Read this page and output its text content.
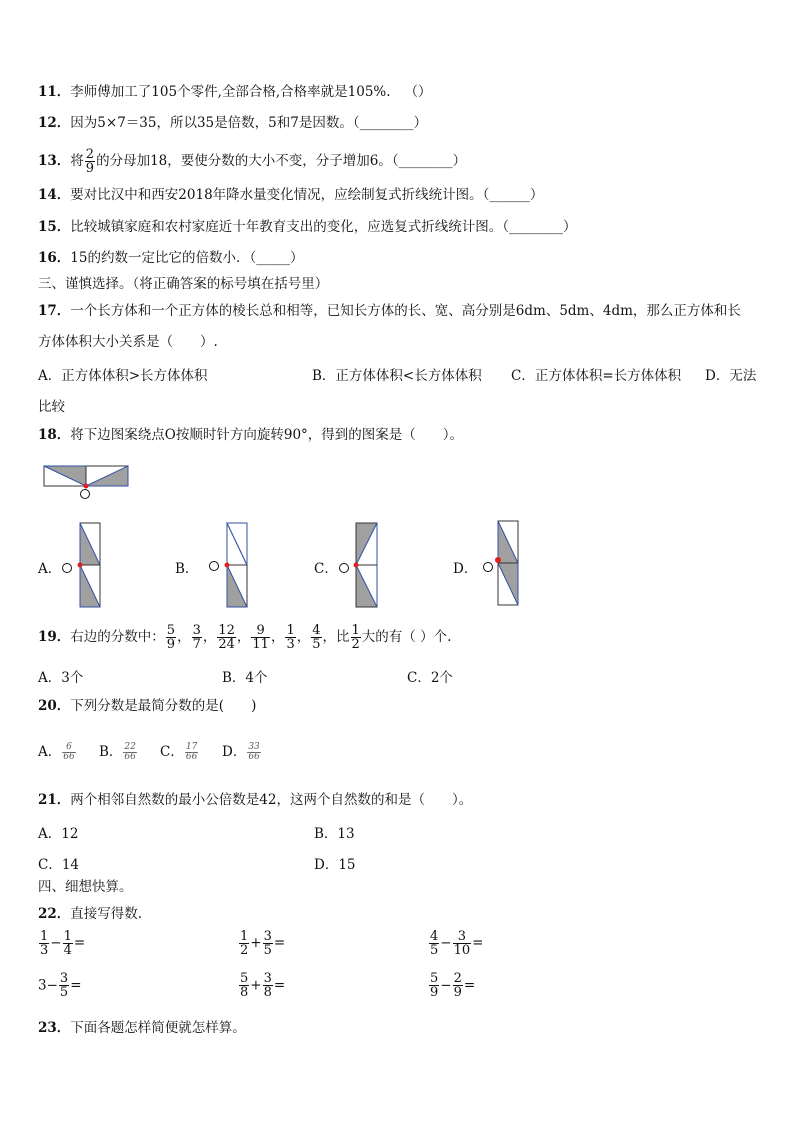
11．李师傅加工了105个零件,全部合格,合格率就是105%. （）
12．因为5×7＝35，所以35是倍数，5和7是因数。（________）
13．将 $\frac{2}{9}$ 的分母加18，要使分数的大小不变，分子增加6。（________）
14．要对比汉中和西安2018年降水量变化情况，应绘制复式折线统计图。（______）
15．比较城镇家庭和农村家庭近十年教育支出的变化，应选复式折线统计图。（________）
16．15的约数一定比它的倍数小．（_____）
三、谨慎选择。（将正确答案的标号填在括号里）
17．一个长方体和一个正方体的棱长总和相等，已知长方体的长、宽、高分别是6dm、5dm、4dm，那么正方体和长
方体体积大小关系是（　　）.
A．正方体体积>长方体体积	B．正方体体积<长方体体积 C．正方体体积=长方体体积 D．无法
比较
18．将下边图案绕点O按顺时针方向旋转90°，得到的图案是（　　）。
A．	B．	C．	D．
19．右边的分数中： $\frac{5}{9}$ ， $\frac{3}{7}$ ， $\frac{12}{24}$ ， $\frac{9}{11}$ ， $\frac{1}{3}$ ， $\frac{4}{5}$ ，比 $\frac{1}{2}$ 大的有（ ）个.
A．3个	B．4个	C．2个
20．下列分数是最简分数的是(　　)
A． $\frac{6}{66}$ B． $\frac{22}{66}$ C． $\frac{17}{66}$ D． $\frac{33}{66}$
21．两个相邻自然数的最小公倍数是42，这两个自然数的和是（　　）。
A．12	B．13
C．14	D．15
四、细想快算。
22．直接写得数.
$\frac{1}{3} - \frac{1}{4}$ =	$\frac{1}{2} + \frac{3}{5}$ =	$\frac{4}{5} - \frac{3}{10}$ =
$3- \frac{3}{5}$ =	$\frac{5}{8} + \frac{3}{8}$ =	$\frac{5}{9} - \frac{2}{9}$ =
23．下面各题怎样简便就怎样算。
